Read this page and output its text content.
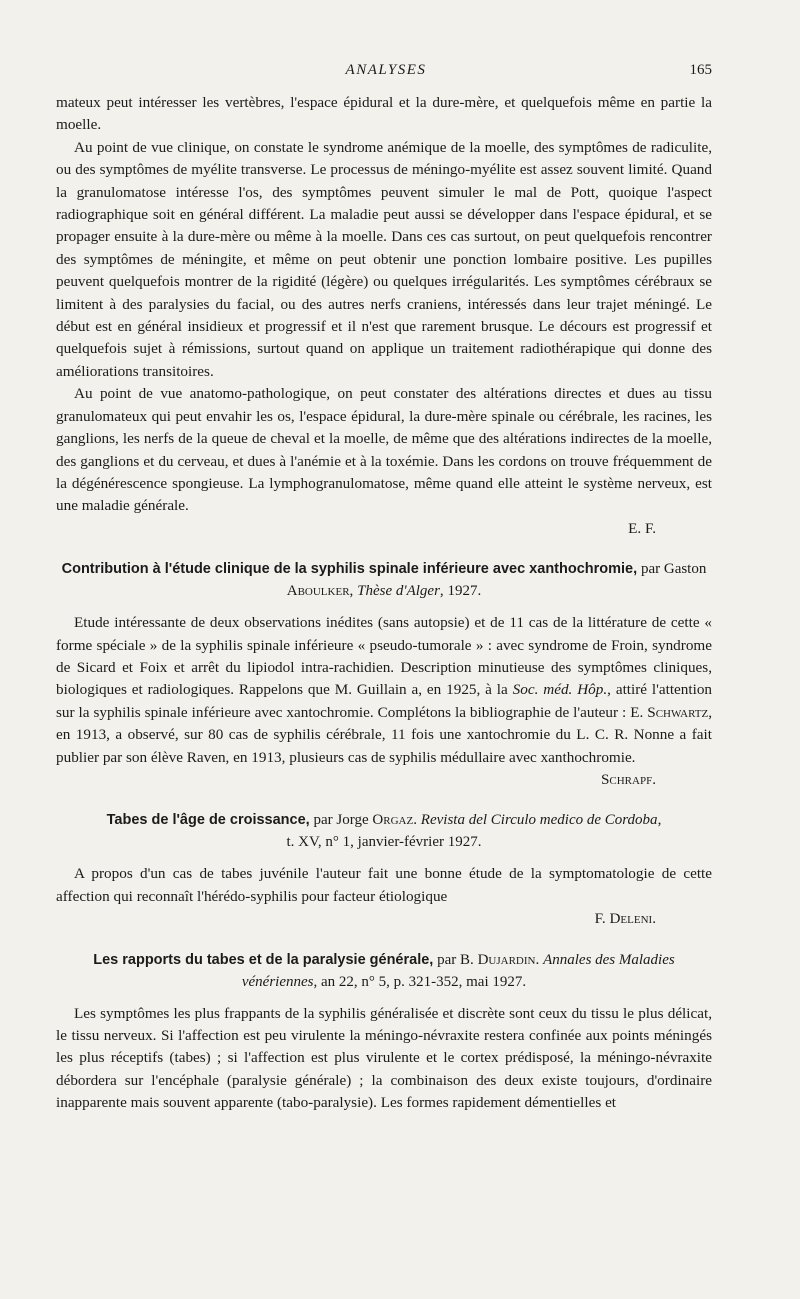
ANALYSES	165

mateux peut intéresser les vertèbres, l'espace épidural et la dure-mère, et quelquefois même en partie la moelle.

Au point de vue clinique, on constate le syndrome anémique de la moelle, des symptômes de radiculite, ou des symptômes de myélite transverse. Le processus de méningo-myélite est assez souvent limité. Quand la granulomatose intéresse l'os, des symptômes peuvent simuler le mal de Pott, quoique l'aspect radiographique soit en général différent. La maladie peut aussi se développer dans l'espace épidural, et se propager ensuite à la dure-mère ou même à la moelle. Dans ces cas surtout, on peut quelquefois rencontrer des symptômes de méningite, et même on peut obtenir une ponction lombaire positive. Les pupilles peuvent quelquefois montrer de la rigidité (légère) ou quelques irrégularités. Les symptômes cérébraux se limitent à des paralysies du facial, ou des autres nerfs craniens, intéressés dans leur trajet méningé. Le début est en général insidieux et progressif et il n'est que rarement brusque. Le décours est progressif et quelquefois sujet à rémissions, surtout quand on applique un traitement radiothérapique qui donne des améliorations transitoires.

Au point de vue anatomo-pathologique, on peut constater des altérations directes et dues au tissu granulomateux qui peut envahir les os, l'espace épidural, la dure-mère spinale ou cérébrale, les racines, les ganglions, les nerfs de la queue de cheval et la moelle, de même que des altérations indirectes de la moelle, des ganglions et du cerveau, et dues à l'anémie et à la toxémie. Dans les cordons on trouve fréquemment de la dégénérescence spongieuse. La lymphogranulomatose, même quand elle atteint le système nerveux, est une maladie générale.

E. F.

Contribution à l'étude clinique de la syphilis spinale inférieure avec xanthochromie, par Gaston Aboulker, Thèse d'Alger, 1927.

Etude intéressante de deux observations inédites (sans autopsie) et de 11 cas de la littérature de cette « forme spéciale » de la syphilis spinale inférieure « pseudo-tumorale » : avec syndrome de Froin, syndrome de Sicard et Foix et arrêt du lipiodol intra-rachidien. Description minutieuse des symptômes cliniques, biologiques et radiologiques. Rappelons que M. Guillain a, en 1925, à la Soc. méd. Hôp., attiré l'attention sur la syphilis spinale inférieure avec xantochromie. Complétons la bibliographie de l'auteur : E. Schwartz, en 1913, a observé, sur 80 cas de syphilis cérébrale, 11 fois une xantochromie du L. C. R. Nonne a fait publier par son élève Raven, en 1913, plusieurs cas de syphilis médullaire avec xanthochromie.

Schrapf.

Tabes de l'âge de croissance, par Jorge Orgaz. Revista del Circulo medico de Cordoba,
t. XV, n° 1, janvier-février 1927.

A propos d'un cas de tabes juvénile l'auteur fait une bonne étude de la symptomatologie de cette affection qui reconnaît l'hérédo-syphilis pour facteur étiologique

F. Deleni.

Les rapports du tabes et de la paralysie générale, par B. Dujardin. Annales des Maladies vénériennes, an 22, n° 5, p. 321-352, mai 1927.

Les symptômes les plus frappants de la syphilis généralisée et discrète sont ceux du tissu le plus délicat, le tissu nerveux. Si l'affection est peu virulente la méningo-névraxite restera confinée aux points méningés les plus réceptifs (tabes) ; si l'affection est plus virulente et le cortex prédisposé, la méningo-névraxite débordera sur l'encéphale (paralysie générale) ; la combinaison des deux existe toujours, d'ordinaire inapparente mais souvent apparente (tabo-paralysie). Les formes rapidement démentielles et
